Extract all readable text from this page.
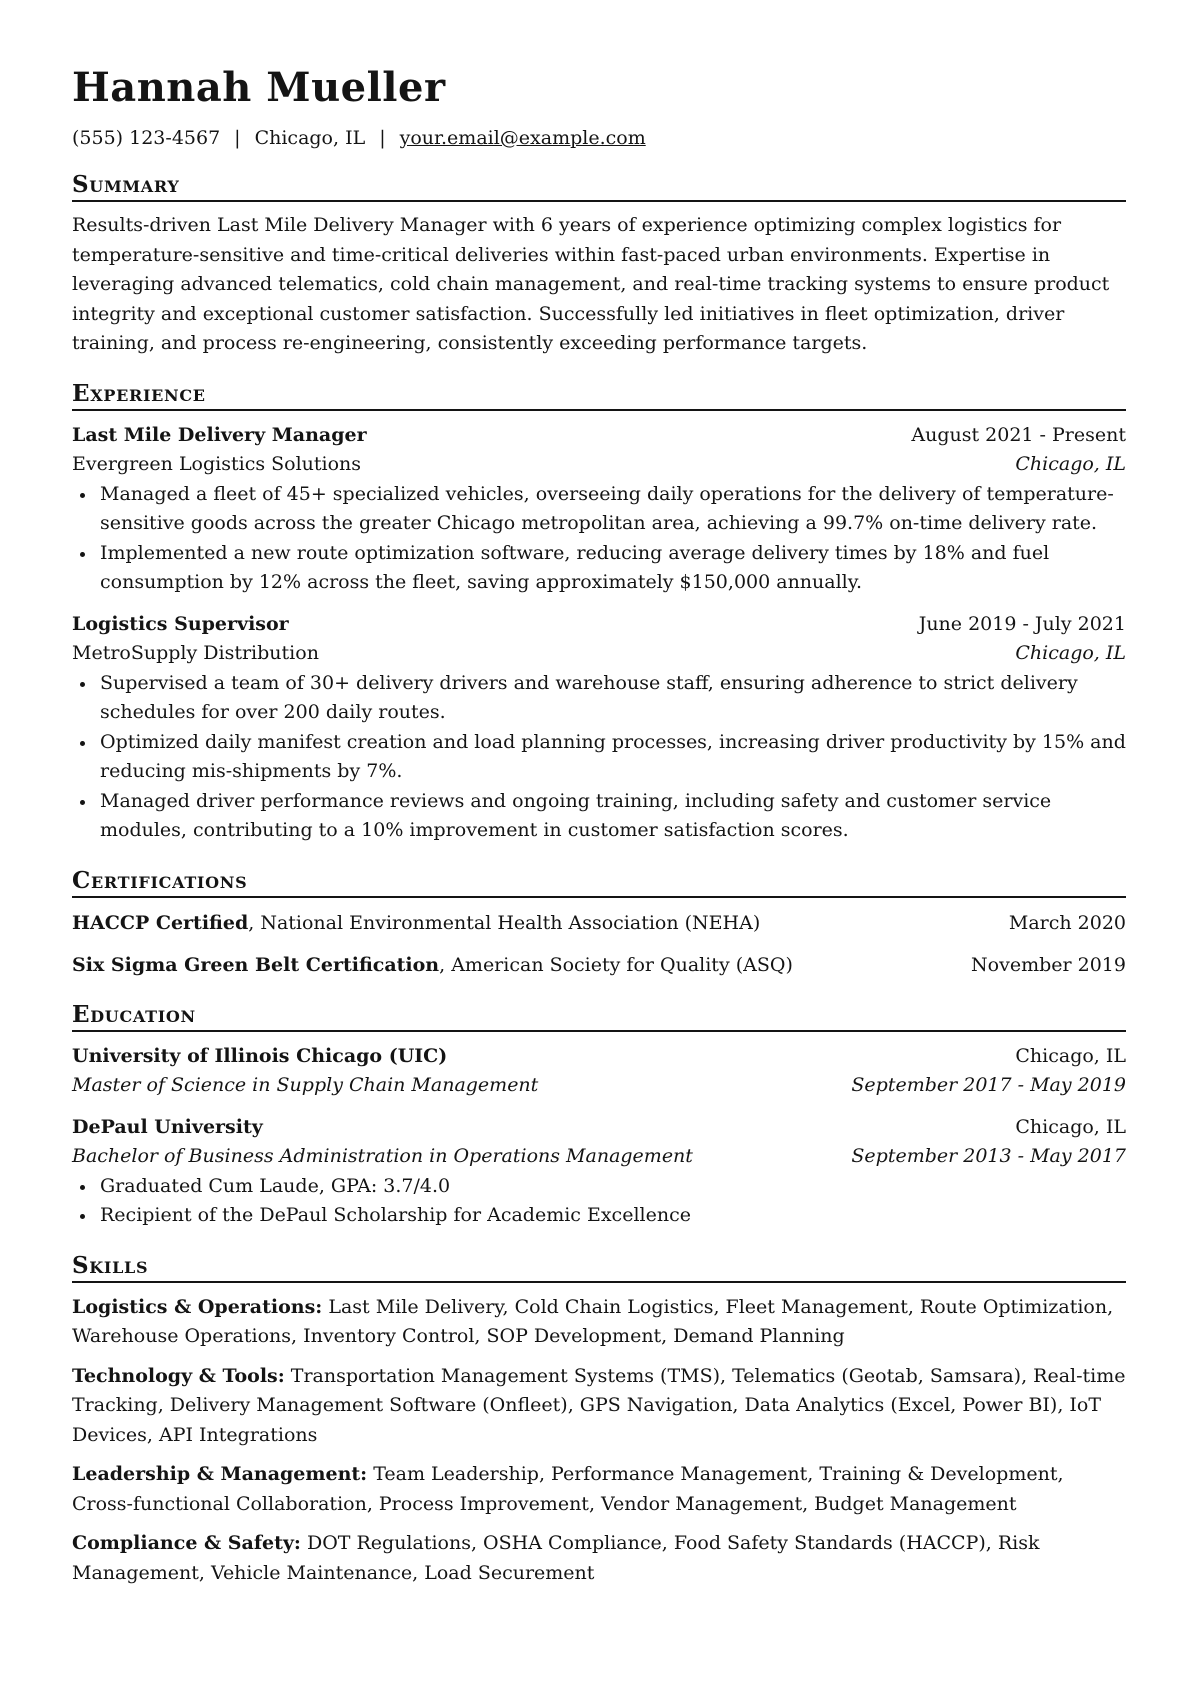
Hannah Mueller
(555) 123-4567 | Chicago, IL | your.email@example.com
Summary
Results-driven Last Mile Delivery Manager with 6 years of experience optimizing complex logistics for temperature-sensitive and time-critical deliveries within fast-paced urban environments. Expertise in leveraging advanced telematics, cold chain management, and real-time tracking systems to ensure product integrity and exceptional customer satisfaction. Successfully led initiatives in fleet optimization, driver training, and process re-engineering, consistently exceeding performance targets.
Experience
Last Mile Delivery Manager	August 2021 - Present
Evergreen Logistics Solutions	Chicago, IL
Managed a fleet of 45+ specialized vehicles, overseeing daily operations for the delivery of temperature-sensitive goods across the greater Chicago metropolitan area, achieving a 99.7% on-time delivery rate.
Implemented a new route optimization software, reducing average delivery times by 18% and fuel consumption by 12% across the fleet, saving approximately $150,000 annually.
Logistics Supervisor	June 2019 - July 2021
MetroSupply Distribution	Chicago, IL
Supervised a team of 30+ delivery drivers and warehouse staff, ensuring adherence to strict delivery schedules for over 200 daily routes.
Optimized daily manifest creation and load planning processes, increasing driver productivity by 15% and reducing mis-shipments by 7%.
Managed driver performance reviews and ongoing training, including safety and customer service modules, contributing to a 10% improvement in customer satisfaction scores.
Certifications
HACCP Certified, National Environmental Health Association (NEHA)	March 2020
Six Sigma Green Belt Certification, American Society for Quality (ASQ)	November 2019
Education
University of Illinois Chicago (UIC)	Chicago, IL
Master of Science in Supply Chain Management	September 2017 - May 2019
DePaul University	Chicago, IL
Bachelor of Business Administration in Operations Management	September 2013 - May 2017
Graduated Cum Laude, GPA: 3.7/4.0
Recipient of the DePaul Scholarship for Academic Excellence
Skills
Logistics & Operations: Last Mile Delivery, Cold Chain Logistics, Fleet Management, Route Optimization, Warehouse Operations, Inventory Control, SOP Development, Demand Planning
Technology & Tools: Transportation Management Systems (TMS), Telematics (Geotab, Samsara), Real-time Tracking, Delivery Management Software (Onfleet), GPS Navigation, Data Analytics (Excel, Power BI), IoT Devices, API Integrations
Leadership & Management: Team Leadership, Performance Management, Training & Development, Cross-functional Collaboration, Process Improvement, Vendor Management, Budget Management
Compliance & Safety: DOT Regulations, OSHA Compliance, Food Safety Standards (HACCP), Risk Management, Vehicle Maintenance, Load Securement
